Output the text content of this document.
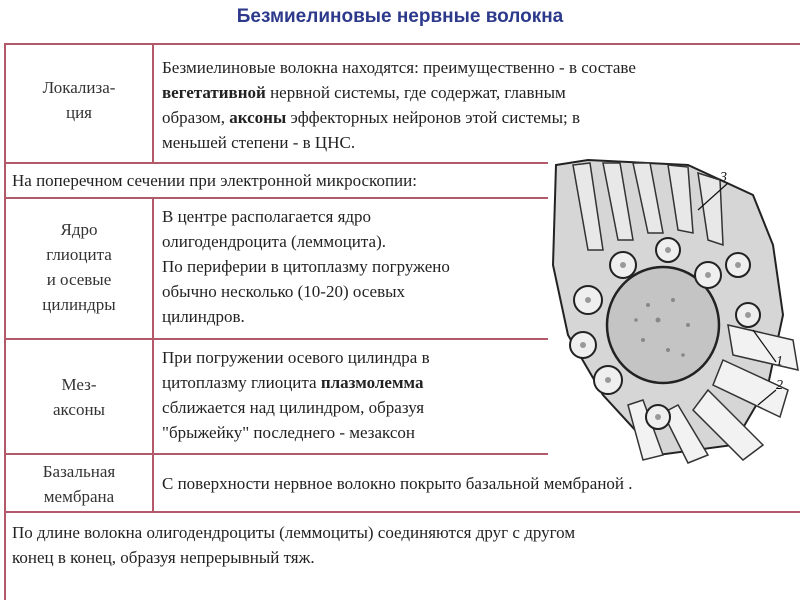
Безмиелиновые нервные волокна
Локализа-
ция
Безмиелиновые волокна находятся: преимущественно - в составе
вегетативной нервной системы, где содержат, главным
образом, аксоны эффекторных нейронов этой системы; в
меньшей степени - в ЦНС.
На поперечном сечении при электронной микроскопии:
Ядро
глиоцита
и осевые
цилиндры
В центре располагается ядро
олигодендроцита (леммоцита).
По периферии в цитоплазму погружено
обычно несколько (10-20) осевых
цилиндров.
Мез-
аксоны
При погружении осевого цилиндра в
цитоплазму глиоцита плазмолемма
сближается над цилиндром, образуя
"брыжейку" последнего - мезаксон
Базальная
мембрана
С поверхности нервное волокно покрыто базальной мембраной .
По длине волокна олигодендроциты (леммоциты) соединяются друг с другом
конец в конец, образуя непрерывный тяж.
3
1
2
